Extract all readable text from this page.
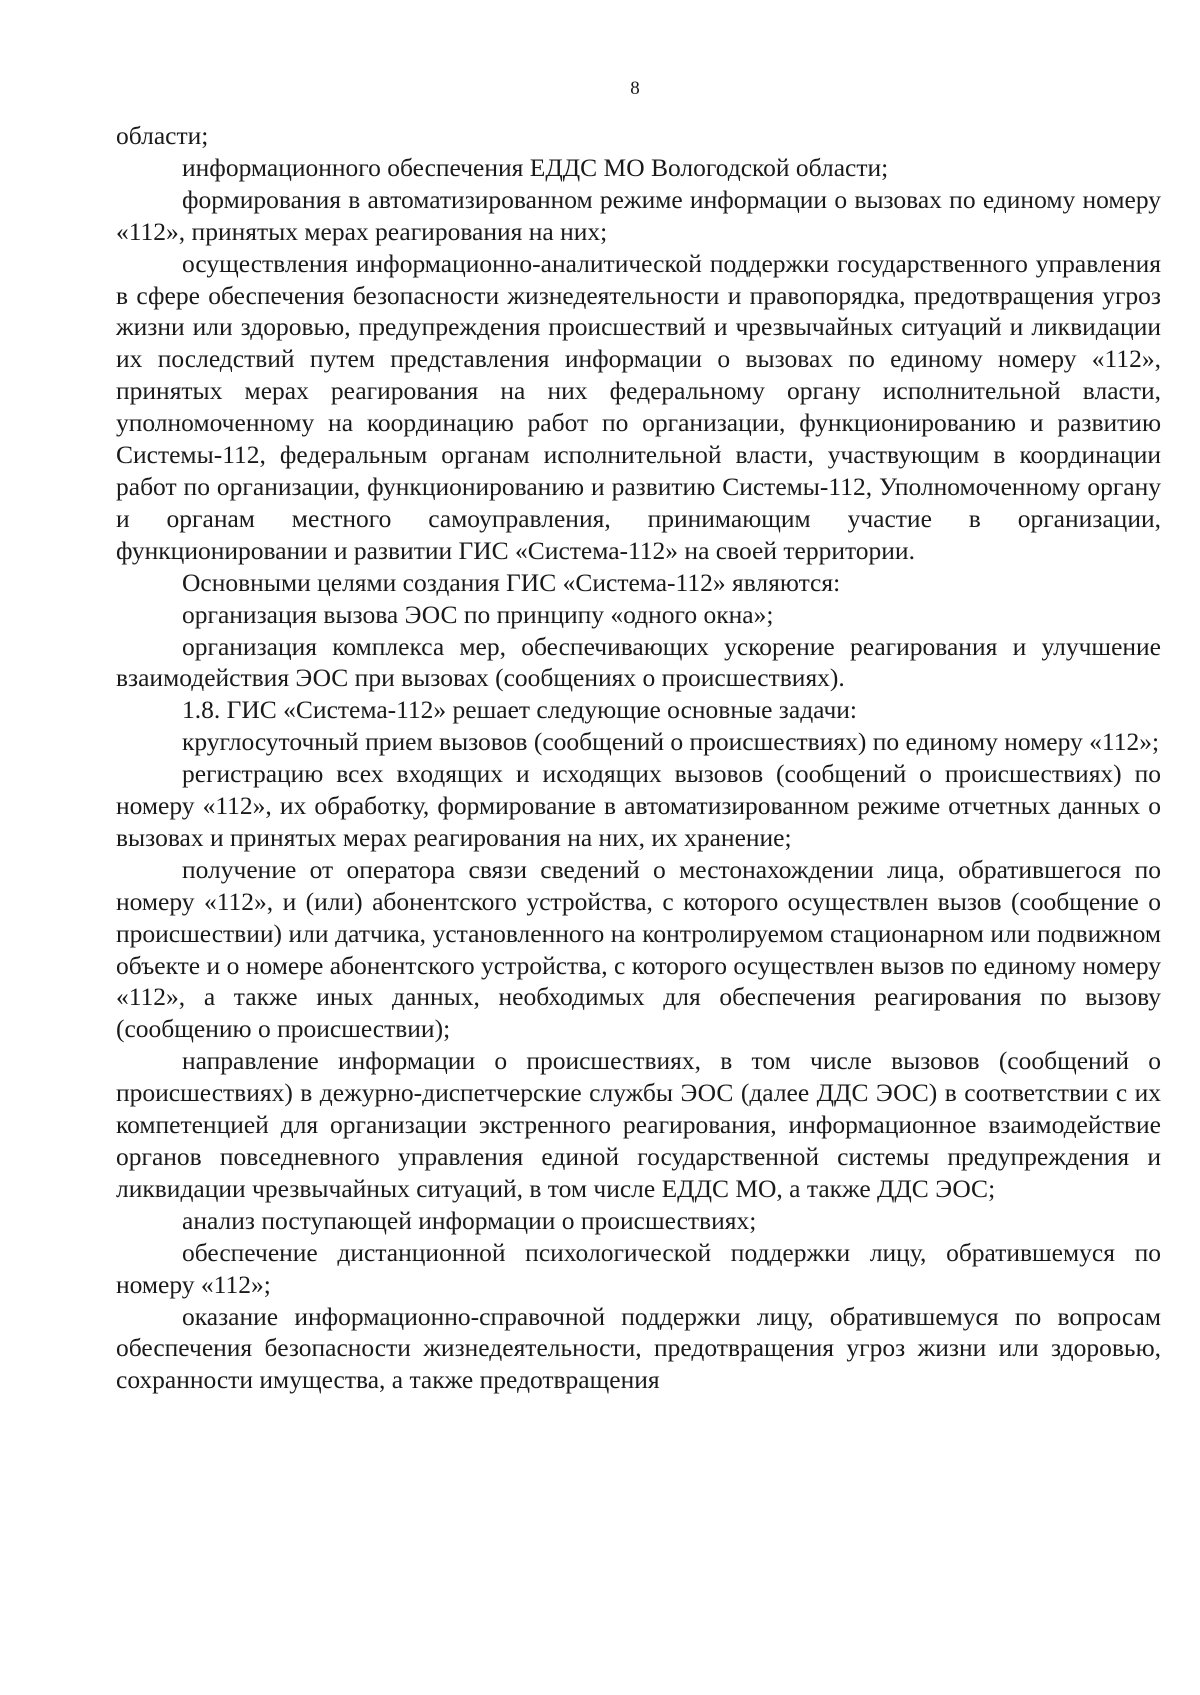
8

области;

информационного обеспечения ЕДДС МО Вологодской области;

формирования в автоматизированном режиме информации о вызовах по единому номеру «112», принятых мерах реагирования на них;

осуществления информационно-аналитической поддержки государственного управления в сфере обеспечения безопасности жизнедеятельности и правопорядка, предотвращения угроз жизни или здоровью, предупреждения происшествий и чрезвычайных ситуаций и ликвидации их последствий путем представления информации о вызовах по единому номеру «112», принятых мерах реагирования на них федеральному органу исполнительной власти, уполномоченному на координацию работ по организации, функционированию и развитию Системы-112, федеральным органам исполнительной власти, участвующим в координации работ по организации, функционированию и развитию Системы-112, Уполномоченному органу и органам местного самоуправления, принимающим участие в организации, функционировании и развитии ГИС «Система-112» на своей территории.

Основными целями создания ГИС «Система-112» являются:

организация вызова ЭОС по принципу «одного окна»;

организация комплекса мер, обеспечивающих ускорение реагирования и улучшение взаимодействия ЭОС при вызовах (сообщениях о происшествиях).

1.8. ГИС «Система-112» решает следующие основные задачи:

круглосуточный прием вызовов (сообщений о происшествиях) по единому номеру «112»;

регистрацию всех входящих и исходящих вызовов (сообщений о происшествиях) по номеру «112», их обработку, формирование в автоматизированном режиме отчетных данных о вызовах и принятых мерах реагирования на них, их хранение;

получение от оператора связи сведений о местонахождении лица, обратившегося по номеру «112», и (или) абонентского устройства, с которого осуществлен вызов (сообщение о происшествии) или датчика, установленного на контролируемом стационарном или подвижном объекте и о номере абонентского устройства, с которого осуществлен вызов по единому номеру «112», а также иных данных, необходимых для обеспечения реагирования по вызову (сообщению о происшествии);

направление информации о происшествиях, в том числе вызовов (сообщений о происшествиях) в дежурно-диспетчерские службы ЭОС (далее ДДС ЭОС) в соответствии с их компетенцией для организации экстренного реагирования, информационное взаимодействие органов повседневного управления единой государственной системы предупреждения и ликвидации чрезвычайных ситуаций, в том числе ЕДДС МО, а также ДДС ЭОС;

анализ поступающей информации о происшествиях;

обеспечение дистанционной психологической поддержки лицу, обратившемуся по номеру «112»;

оказание информационно-справочной поддержки лицу, обратившемуся по вопросам обеспечения безопасности жизнедеятельности, предотвращения угроз жизни или здоровью, сохранности имущества, а также предотвращения
